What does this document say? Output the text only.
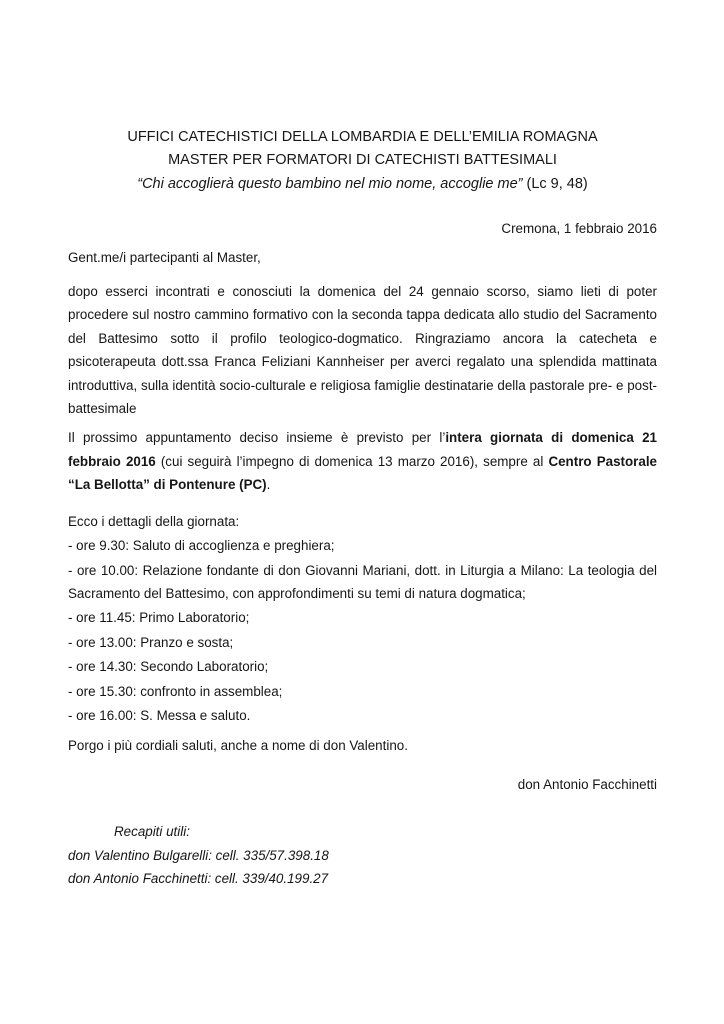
UFFICI CATECHISTICI DELLA LOMBARDIA E DELL’EMILIA ROMAGNA
MASTER PER FORMATORI DI CATECHISTI BATTESIMALI
“Chi accoglierà questo bambino nel mio nome, accoglie me” (Lc 9, 48)
Cremona, 1 febbraio 2016

Gent.me/i partecipanti al Master,

dopo esserci incontrati e conosciuti la domenica del 24 gennaio scorso, siamo lieti di poter procedere sul nostro cammino formativo con la seconda tappa dedicata allo studio del Sacramento del Battesimo sotto il profilo teologico-dogmatico. Ringraziamo ancora la catecheta e psicoterapeuta dott.ssa Franca Feliziani Kannheiser per averci regalato una splendida mattinata introduttiva, sulla identità socio-culturale e religiosa famiglie destinatarie della pastorale pre- e post- battesimale

Il prossimo appuntamento deciso insieme è previsto per l’intera giornata di domenica 21 febbraio 2016 (cui seguirà l’impegno di domenica 13 marzo 2016), sempre al Centro Pastorale “La Bellotta” di Pontenure (PC).

Ecco i dettagli della giornata:

- ore 9.30: Saluto di accoglienza e preghiera;

- ore 10.00: Relazione fondante di don Giovanni Mariani, dott. in Liturgia a Milano: La teologia del Sacramento del Battesimo, con approfondimenti su temi di natura dogmatica;

- ore 11.45: Primo Laboratorio;

- ore 13.00: Pranzo e sosta;

- ore 14.30: Secondo Laboratorio;

- ore 15.30: confronto in assemblea;

- ore 16.00: S. Messa e saluto.

Porgo i più cordiali saluti, anche a nome di don Valentino.

don Antonio Facchinetti

Recapiti utili:

don Valentino Bulgarelli: cell. 335/57.398.18

don Antonio Facchinetti: cell. 339/40.199.27
